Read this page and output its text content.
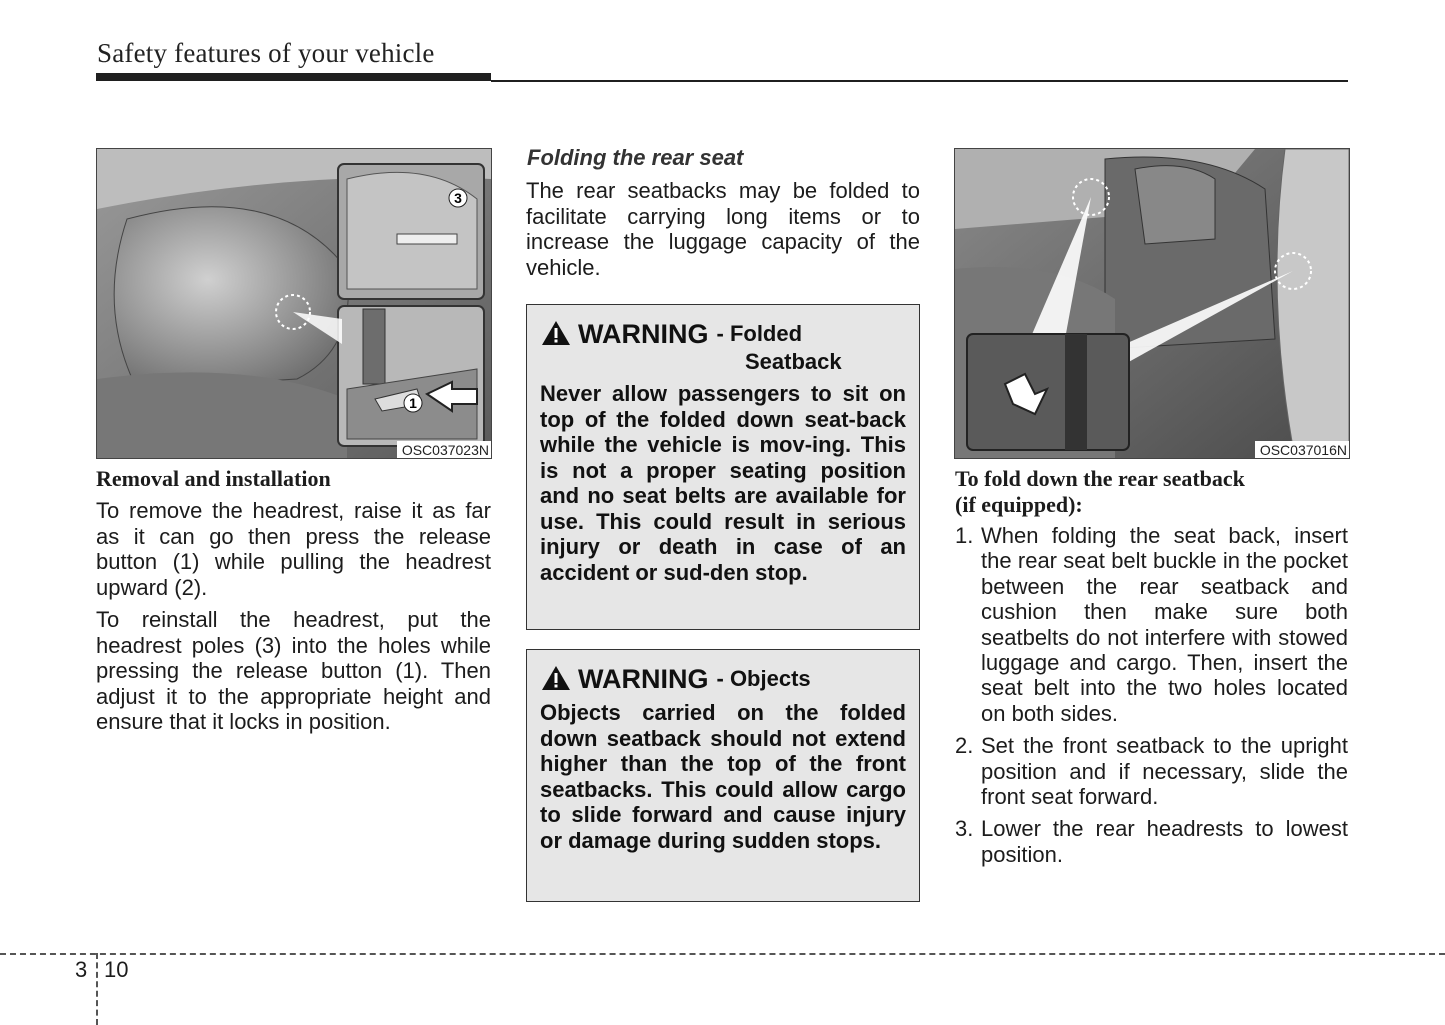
Safety features of your vehicle
3
1
OSC037023N
Removal and installation
To remove the headrest, raise it as far as it can go then press the release button (1) while pulling the headrest upward (2).
To reinstall the headrest, put the headrest poles (3) into the holes while pressing the release button (1). Then adjust it to the appropriate height and ensure that it locks in position.
Folding the rear seat
The rear seatbacks may be folded to facilitate carrying long items or to increase the luggage capacity of the vehicle.
WARNING - Folded
Seatback
Never allow passengers to sit on top of the folded down seat-back while the vehicle is mov-ing. This is not a proper seating position and no seat belts are available for use. This could result in serious injury or death in case of an accident or sud-den stop.
WARNING - Objects
Objects carried on the folded down seatback should not extend higher than the top of the front seatbacks. This could allow cargo to slide forward and cause injury or damage during sudden stops.
OSC037016N
To fold down the rear seatback
(if equipped):
1. When folding the seat back, insert the rear seat belt buckle in the pocket between the rear seatback and cushion then make sure both seatbelts do not interfere with stowed luggage and cargo. Then, insert the seat belt into the two holes located on both sides.
2. Set the front seatback to the upright position and if necessary, slide the front seat forward.
3. Lower the rear headrests to lowest position.
3 10
